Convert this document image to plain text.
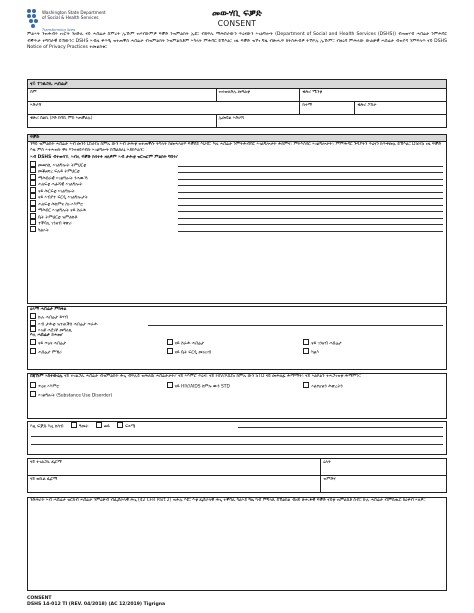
Washington State Department of Social & Health Services
Transforming lives
መውሃቢ ፍቓድ
CONSENT
ምልኣት ንዝሕብሩ ነገሮት ንዘድሊ ናይ ሓበሬታ ስምረት ኢኹም ዝሃብኩምዎ ፍቓድ ንዝምልከት ኢዩ። ብክፍሊ ማሕበራውን ጥዕናውን ኣገልግሎት (Department of Social and Health Services (DSHS)) ብዝወሃብ ሓበሬታ ንምሕባር ብቐጥታ ተግባራዊ ይኸውን። DSHS ኣብዚ ቅጥዒ ዝተጠቕሰ ሓበሬታ ብዝምልከት ንዝምልከቶም ኣካላት ምሕባር ይኽእል። ነዚ ፍቓድ ዝኾነ ግዜ ብጽሑፍ ክትስሕብዎ ትኽእሉ ኢኹም። ብዛዕባ ምሕላው ውልቃዊ ሓበሬታ ብዝያዳ ንምፍላጥ ናይ DSHS Notice of Privacy Practices ተመልከቱ።
ናይ ተገልጋሊ ሓበሬታ			
ስም	ዝተወለድሉ መዓልቲ	ቁጽሪ ሚንቲ	
ኣድራሻ		ከተማ	ቁጽሪ ፖስታ
ቁጽሪ ስልኪ (ኮድ ከባቢ ምስ ኣጠቓልሉ)	ኢመይል ኣድራሻ		
ፍቓድ
ንዓይ ዝምልከት ሓበሬታ ኣብ መንጎ DSHS ከምኡ ውን ኣብ ታሕቲ ዝተጠቕሱ ትካላት ክመሓላለፍ ፍቓደይ እህብ። እዚ ሓበሬታ ንምትሕብባር ኣገልግሎታት ሕክምና፣ ምትእስሳር ኣገልግሎታት፣ ምምሕዳር ጉዳያትን ጥዕናን ክጥቀመሉ ይኽእል። DSHS ነዚ ፍቓድ እዚ ምስ ኣተሓዝኩ ዋላ እንተዘይሃብኩ ኣገልግሎት ክኽልከለኒ ኣይክእልን።
ኣብ DSHS ብተወሳኺ ኣብዚ ፍቓድ ክሳተፉ ዘለዎም ኣብ ታሕቲ ዝርዝሮም ምልክት ግበሩ፦
መወከሲ ኣገልግሎት ትምህርቲ
መቖፀጽረ ፍሉይ ትምህርቲ
ማሕበራዊ ኣገልግሎት ንሓውኻ
ሓለፍቲ ሓፈሻዊ ኣገልግሎት
ናይ ሕርፍቲ ኣገልግሎት
ናይ ኣብያተ ፍርዲ ኣገልግሎታት
ሓለፍቲ ሕክምና ስነ-ኣእምሮ
ማሕበር ኣገልግሎት ናይ ስራሕ
ቤት ትምህርቲ ዝምልከቶ
ተቐባሊ ገንዘብ ቅጽሪ
ካልኦት
ዕላማ ሓበሬታ ምክፋል
ኩሉ ሓበሬታ ይሃብ
ኣብ ታሕቲ ዝተጠቕሰ ሓበሬታ ጥራሕ
ኣዝዩ ሓደገኛ መግለጺ
እዚ ሓበሬታ ይሓዝ፦
ናይ ጥዕና ሓበሬታ	ናይ ስራሕ ሓበሬታ	ናይ ገንዘብ ሓበሬታ
ሓበሬታ ምኽሪ	ናይ ቤት ፍርዲ መዝገብ	ካልእ
በጃኹም ኣስተውዕሉ ናይ ተገልጋሊ ሓበሬታ ብዝምልከት ሕጊ ብፍሉይ ዝሕለዉ ሓበሬታታት፦ ናይ ኣእምሮ ጥዕና፣ ናይ HIV/AIDS ከምኡ ውን STD ናይ መሕለፊ ሕማማት፣ ናይ ኣልኮልን ተሓጋገዝቲ ሕማምን።
ጥዕና ኣእምሮ	ናይ HIV/AIDS ከምኡ ውን STD	ኣልኮሆልን ሕጽረትን
ኣገልግሎት (Substance Use Disorder)
እዚ ፍቓድ እዚ ክሳብ	ዓመት	ወይ	ፍጻሜ
ናይ ተገልጋሊ ፌርማ	ዕለት
ናይ ወኪል ፌርማ	ዝምድና
ንድሕሪት ኣብ ሓበሬታ ዝርከብ ሓበሬታ ንምዕቃብ ብፌደራላዊ ሕጊ (42 CFR Part 2) ዝሕሉ እዩ። እቲ ፌደራላዊ ሕጊ ተቐባሊ ካልኣይ ግዜ ካብ ምግላጹ ይኽልክል ብዘይ ጽሑፋዊ ፍቓድ ናይቲ ዝምልከቶ ሰብ። ኩሉ ሓበሬታ ብምስጢር ክዕቀብ ኣለዎ።
CONSENT
DSHS 14-012 TI (REV. 04/2018) (AC 12/2019) Tigrigna
